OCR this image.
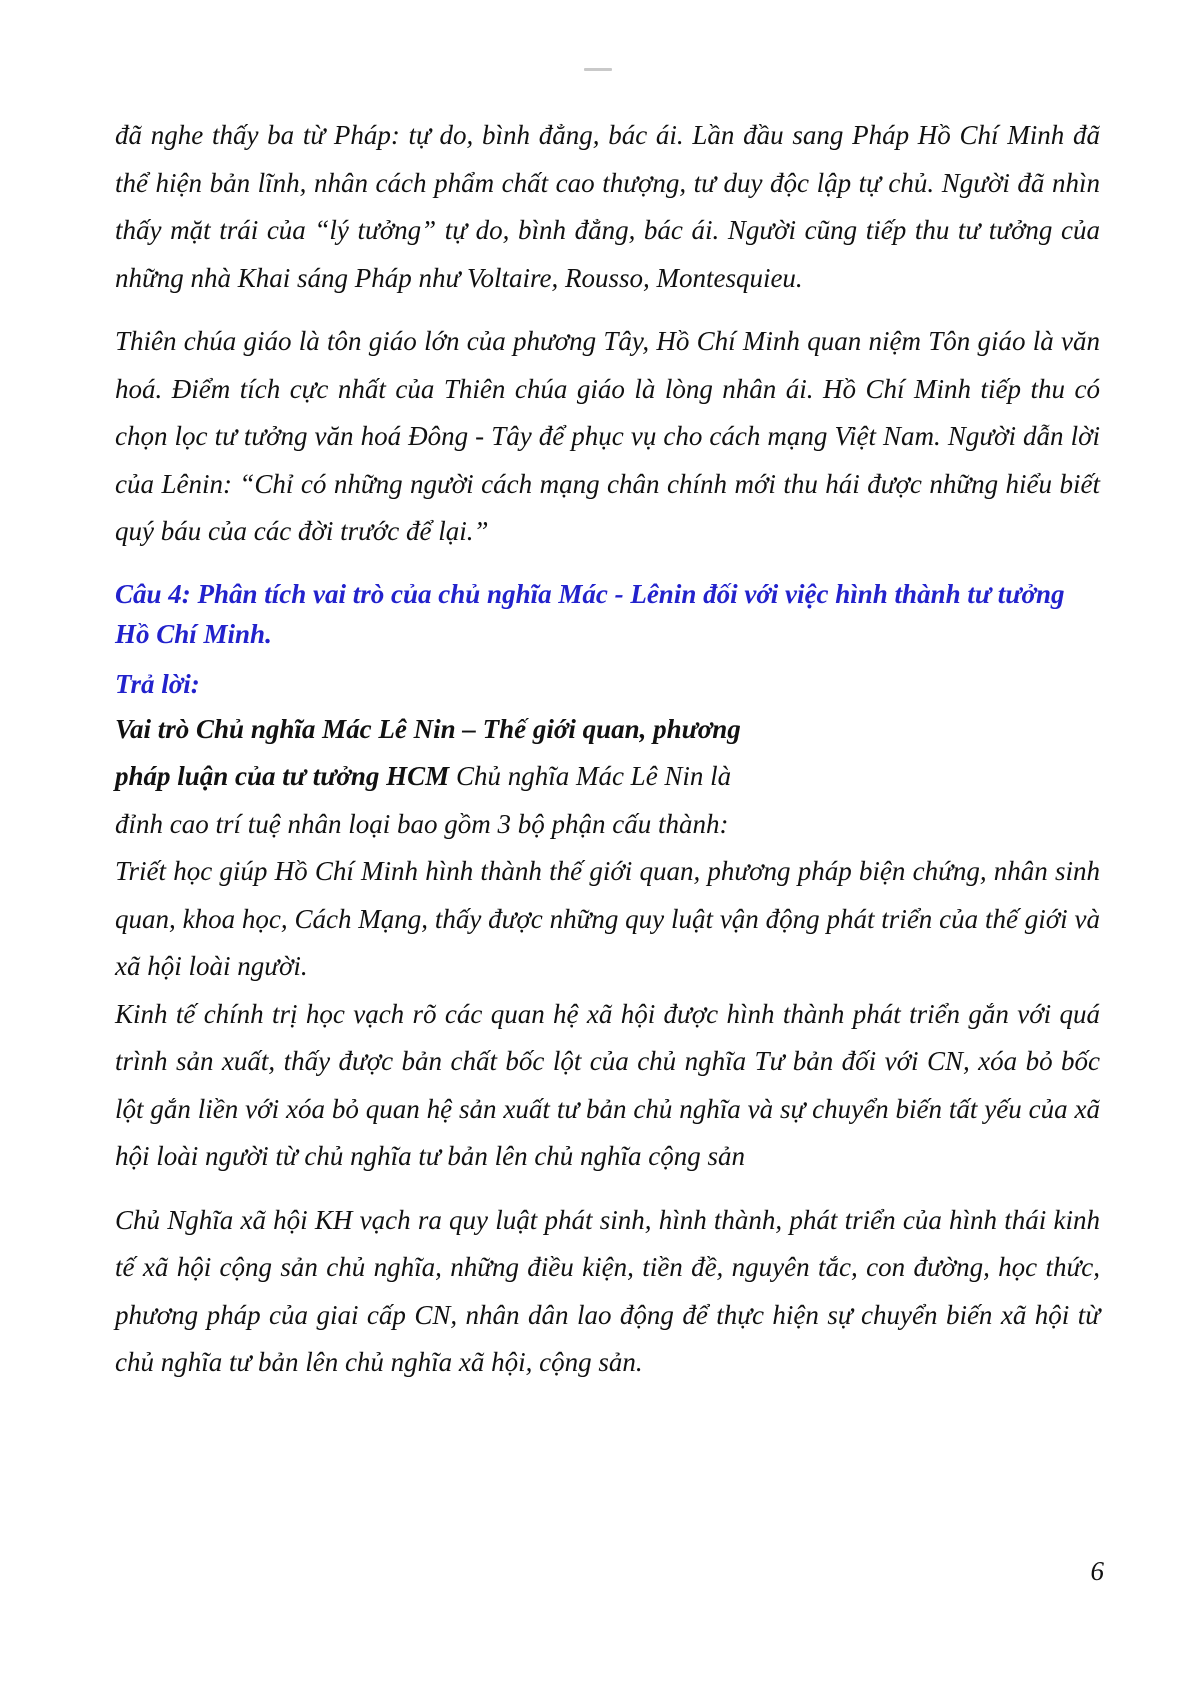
đã nghe thấy ba từ Pháp: tự do, bình đẳng, bác ái. Lần đầu sang Pháp Hồ Chí Minh đã thể hiện bản lĩnh, nhân cách phẩm chất cao thượng, tư duy độc lập tự chủ. Người đã nhìn thấy mặt trái của “lý tưởng” tự do, bình đẳng, bác ái. Người cũng tiếp thu tư tưởng của những nhà Khai sáng Pháp như Voltaire, Rousso, Montesquieu.

Thiên chúa giáo là tôn giáo lớn của phương Tây, Hồ Chí Minh quan niệm Tôn giáo là văn hoá. Điểm tích cực nhất của Thiên chúa giáo là lòng nhân ái. Hồ Chí Minh tiếp thu có chọn lọc tư tưởng văn hoá Đông - Tây để phục vụ cho cách mạng Việt Nam. Người dẫn lời của Lênin: “Chỉ có những người cách mạng chân chính mới thu hái được những hiểu biết quý báu của các đời trước để lại.”

Câu 4: Phân tích vai trò của chủ nghĩa Mác - Lênin đối với việc hình thành tư tưởng Hồ Chí Minh.

Trả lời:

Vai trò Chủ nghĩa Mác Lê Nin – Thế giới quan, phương

pháp luận của tư tưởng HCM Chủ nghĩa Mác Lê Nin là

đỉnh cao trí tuệ nhân loại bao gồm 3 bộ phận cấu thành:

Triết học giúp Hồ Chí Minh hình thành thế giới quan, phương pháp biện chứng, nhân sinh quan, khoa học, Cách Mạng, thấy được những quy luật vận động phát triển của thế giới và xã hội loài người.

Kinh tế chính trị học vạch rõ các quan hệ xã hội được hình thành phát triển gắn với quá trình sản xuất, thấy được bản chất bốc lột của chủ nghĩa Tư bản đối với CN, xóa bỏ bốc lột gắn liền với xóa bỏ quan hệ sản xuất tư bản chủ nghĩa và sự chuyển biến tất yếu của xã hội loài người từ chủ nghĩa tư bản lên chủ nghĩa cộng sản

Chủ Nghĩa xã hội KH vạch ra quy luật phát sinh, hình thành, phát triển của hình thái kinh tế xã hội cộng sản chủ nghĩa, những điều kiện, tiền đề, nguyên tắc, con đường, học thức, phương pháp của giai cấp CN, nhân dân lao động để thực hiện sự chuyển biến xã hội từ chủ nghĩa tư bản lên chủ nghĩa xã hội, cộng sản.

6
